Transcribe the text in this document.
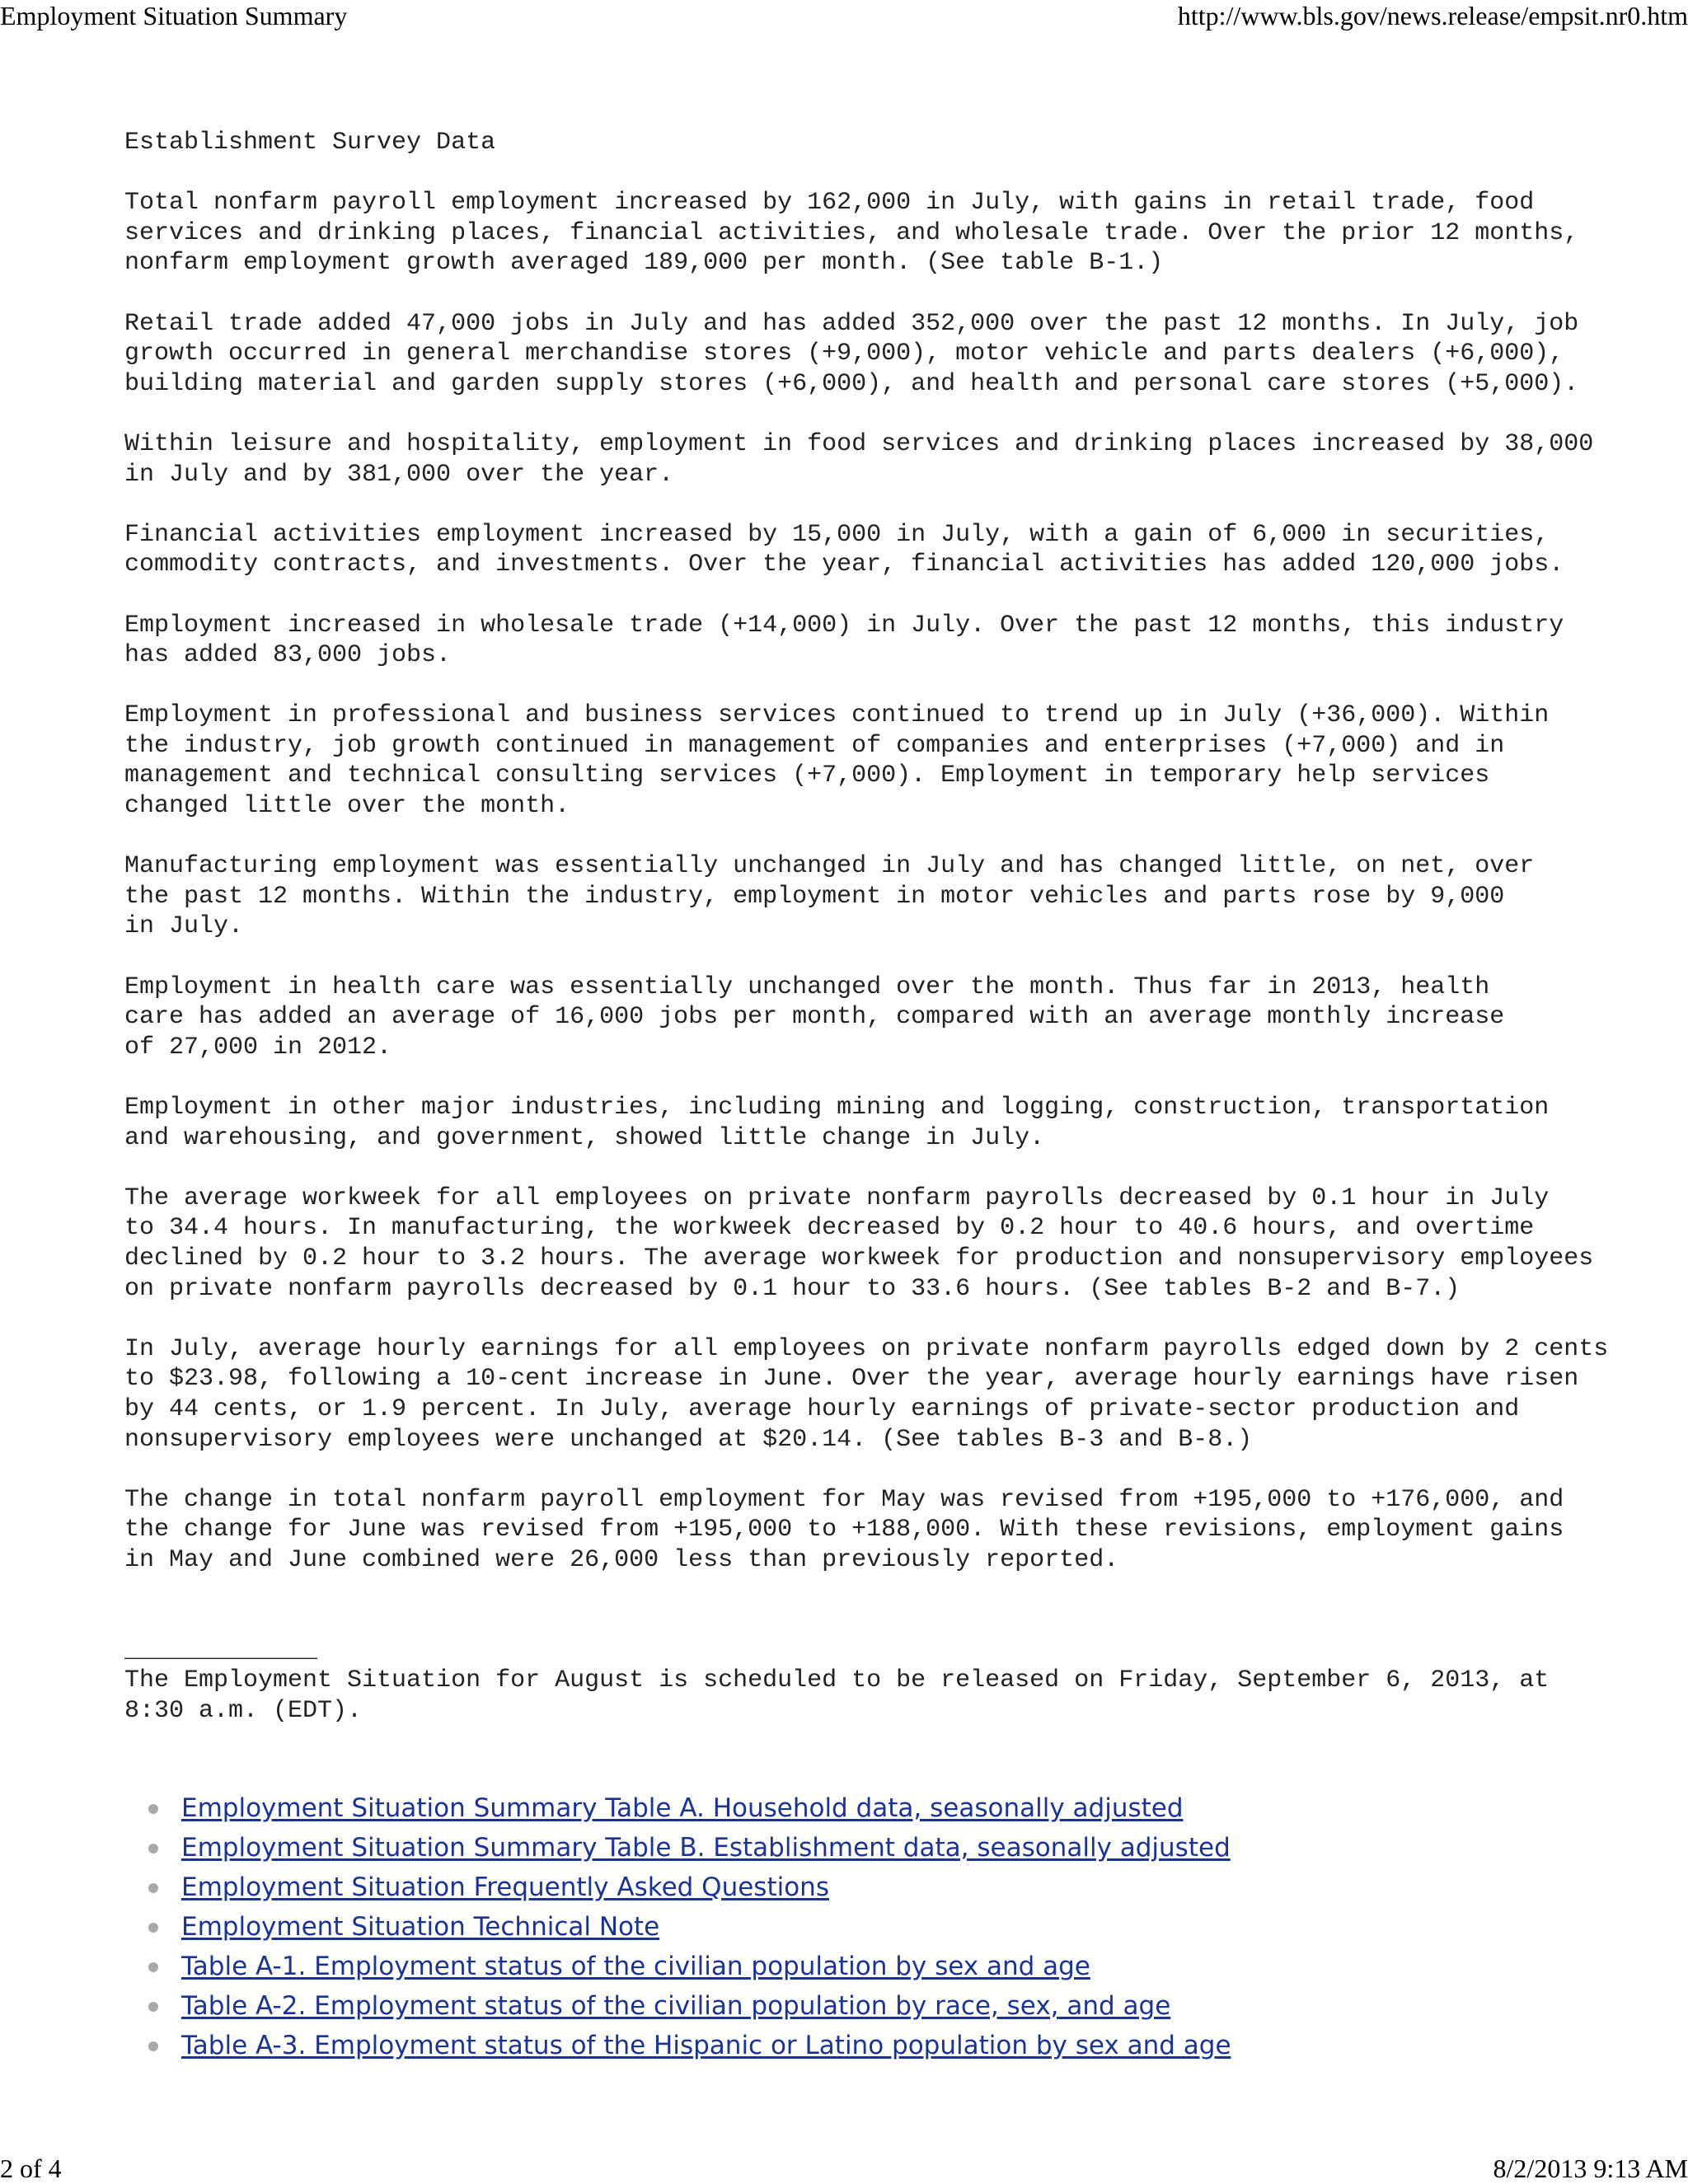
Employment Situation Summary	http://www.bls.gov/news.release/empsit.nr0.htm
Establishment Survey Data

Total nonfarm payroll employment increased by 162,000 in July, with gains in retail trade, food
services and drinking places, financial activities, and wholesale trade. Over the prior 12 months,
nonfarm employment growth averaged 189,000 per month. (See table B-1.)

Retail trade added 47,000 jobs in July and has added 352,000 over the past 12 months. In July, job
growth occurred in general merchandise stores (+9,000), motor vehicle and parts dealers (+6,000),
building material and garden supply stores (+6,000), and health and personal care stores (+5,000).

Within leisure and hospitality, employment in food services and drinking places increased by 38,000
in July and by 381,000 over the year.

Financial activities employment increased by 15,000 in July, with a gain of 6,000 in securities,
commodity contracts, and investments. Over the year, financial activities has added 120,000 jobs.

Employment increased in wholesale trade (+14,000) in July. Over the past 12 months, this industry
has added 83,000 jobs.

Employment in professional and business services continued to trend up in July (+36,000). Within
the industry, job growth continued in management of companies and enterprises (+7,000) and in
management and technical consulting services (+7,000). Employment in temporary help services
changed little over the month.

Manufacturing employment was essentially unchanged in July and has changed little, on net, over
the past 12 months. Within the industry, employment in motor vehicles and parts rose by 9,000
in July.

Employment in health care was essentially unchanged over the month. Thus far in 2013, health
care has added an average of 16,000 jobs per month, compared with an average monthly increase
of 27,000 in 2012.

Employment in other major industries, including mining and logging, construction, transportation
and warehousing, and government, showed little change in July.

The average workweek for all employees on private nonfarm payrolls decreased by 0.1 hour in July
to 34.4 hours. In manufacturing, the workweek decreased by 0.2 hour to 40.6 hours, and overtime
declined by 0.2 hour to 3.2 hours. The average workweek for production and nonsupervisory employees
on private nonfarm payrolls decreased by 0.1 hour to 33.6 hours. (See tables B-2 and B-7.)

In July, average hourly earnings for all employees on private nonfarm payrolls edged down by 2 cents
to $23.98, following a 10-cent increase in June. Over the year, average hourly earnings have risen
by 44 cents, or 1.9 percent. In July, average hourly earnings of private-sector production and
nonsupervisory employees were unchanged at $20.14. (See tables B-3 and B-8.)

The change in total nonfarm payroll employment for May was revised from +195,000 to +176,000, and
the change for June was revised from +195,000 to +188,000. With these revisions, employment gains
in May and June combined were 26,000 less than previously reported.

_____________
The Employment Situation for August is scheduled to be released on Friday, September 6, 2013, at
8:30 a.m. (EDT).
Employment Situation Summary Table A. Household data, seasonally adjusted
Employment Situation Summary Table B. Establishment data, seasonally adjusted
Employment Situation Frequently Asked Questions
Employment Situation Technical Note
Table A-1. Employment status of the civilian population by sex and age
Table A-2. Employment status of the civilian population by race, sex, and age
Table A-3. Employment status of the Hispanic or Latino population by sex and age
2 of 4	8/2/2013 9:13 AM
